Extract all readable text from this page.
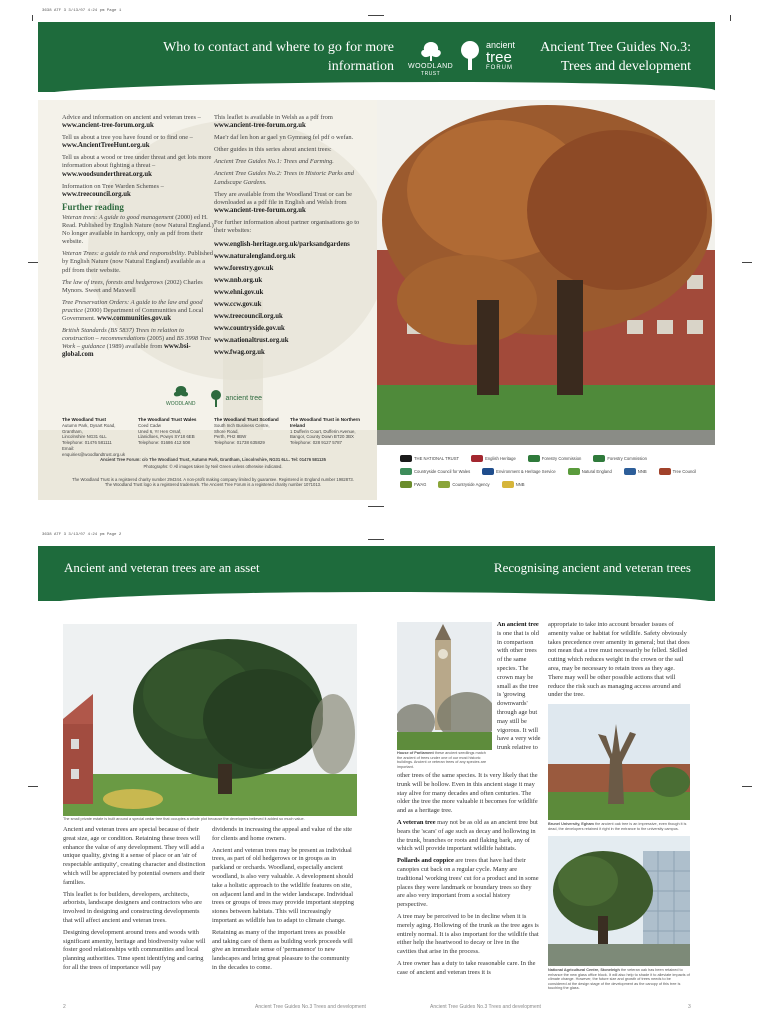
3638 ATF 3 3/13/07 4:24 pm Page 1
3638 ATF 3 3/13/07 4:24 pm Page 2
Who to contact and where to go for more information WOODLAND
TRUST
ancient
tree
FORUM
Ancient Tree Guides No.3:
Trees and development

Advice and information on ancient and veteran trees –
www.ancient-tree-forum.org.uk

Tell us about a tree you have found or to find one –
www.AncientTreeHunt.org.uk

Tell us about a wood or tree under threat and get lots more information about fighting a threat –
www.woodsunderthreat.org.uk

Information on Tree Warden Schemes –
www.treecouncil.org.uk

Further reading

Veteran trees: A guide to good management (2000) ed H. Read. Published by English Nature (now Natural England.) No longer available in hardcopy, only as pdf from their website.

Veteran Trees: a guide to risk and responsibility. Published by English Nature (now Natural England) available as a pdf from their website.

The law of trees, forests and hedgerows (2002) Charles Mynors. Sweet and Maxwell

Tree Preservation Orders: A guide to the law and good practice (2000) Department of Communities and Local Government. www.communities.gov.uk

British Standards (BS 5837) Trees in relation to construction – recommendations (2005) and BS 3998 Tree Work – guidance (1989) available from www.bsi-global.com

This leaflet is available in Welsh as a pdf from
www.ancient-tree-forum.org.uk

Mae'r daf len hon ar gael yn Gymraeg fel pdf o wefan.

Other guides in this series about ancient trees:

Ancient Tree Guides No.1: Trees and Farming.

Ancient Tree Guides No.2: Trees in Historic Parks and Landscape Gardens.

They are available from the Woodland Trust or can be downloaded as a pdf file in English and Welsh from www.ancient-tree-forum.org.uk

For further information about partner organisations go to their websites:

www.english-heritage.org.uk/parksandgardens
www.naturalengland.org.uk
www.forestry.gov.uk
www.nnb.org.uk
www.ehni.gov.uk
www.ccw.gov.uk
www.treecouncil.org.uk
www.countryside.gov.uk
www.nationaltrust.org.uk
www.fwag.org.uk
WOODLAND
ancient tree
The Woodland Trust
Autumn Park, Dysart Road,
Grantham,
Lincolnshire NG31 6LL
Telephone: 01476 581111
Email: enquiries@woodlandtrust.org.uk
The Woodland Trust Wales
Coed Cadw
Uned 6, Yr Hen Orsaf,
Llanidloes, Powys SY18 6EB
Telephone: 01686 412 508
The Woodland Trust Scotland
South Inch Business Centre,
Shore Road,
Perth, PH2 8BW
Telephone: 01738 635829
The Woodland Trust in Northern Ireland
1 Dufferin Court, Dufferin Avenue,
Bangor, County Down BT20 3BX
Telephone: 028 9127 5787
Ancient Tree Forum: c/o The Woodland Trust, Autumn Park, Grantham, Lincolnshire, NG31 6LL. Tel: 01476 581135
Photographs: © All images taken by Neil Green unless otherwise indicated.
The Woodland Trust is a registered charity number 294344. A non-profit making company limited by guarantee. Registered in England number 1982873. The Woodland Trust logo is a registered trademark. The Ancient Tree Forum is a registered charity number 1071013.
THE NATIONAL TRUST	English Heritage	Forestry Commission	Forestry Commission
Countryside Council for Wales	Environment & Heritage Service	Natural England	NNB	Tree Council
FWAG	Countryside Agency	NNB
Ancient and veteran trees are an asset	Recognising ancient and veteran trees
The small private estate is built around a special cedar tree that occupies a whole plot because the developers believed it added so much value.

Ancient and veteran trees are special because of their great size, age or condition. Retaining these trees will enhance the value of any development. They will add a unique quality, giving it a sense of place or an 'air of respectable antiquity', creating character and distinction which will be appreciated by potential owners and their families.

This leaflet is for builders, developers, architects, arborists, landscape designers and contractors who are involved in designing and constructing developments that will affect ancient and veteran trees.

Designing development around trees and woods with significant amenity, heritage and biodiversity value will foster good relationships with communities and local planning authorities. Time spent identifying and caring for all the trees of importance will pay

dividends in increasing the appeal and value of the site for clients and home owners.

Ancient and veteran trees may be present as individual trees, as part of old hedgerows or in groups as in parkland or orchards. Woodland, especially ancient woodland, is also very valuable. A development should take a holistic approach to the wildlife features on site, on adjacent land and in the wider landscape. Individual trees or groups of trees may provide important stepping stones between habitats. This will increasingly important as wildlife has to adapt to climate change.

Retaining as many of the important trees as possible and taking care of them as building work proceeds will give an immediate sense of 'permanence' to new landscapes and bring great pleasure to the community in the decades to come.

House of Parliament these ancient seedlings match the ancient of trees under one of our most historic buildings. Ancient or veteran trees of any species are important.

An ancient tree is one that is old in comparison with other trees of the same species. The crown may be small as the tree is 'growing downwards' through age but may still be vigorous. It will have a very wide trunk relative to

other trees of the same species. It is very likely that the trunk will be hollow. Even in this ancient stage it may stay alive for many decades and often centuries. The older the tree the more valuable it becomes for wildlife and as a heritage tree.

A veteran tree may not be as old as an ancient tree but bears the 'scars' of age such as decay and hollowing in the trunk, branches or roots and flaking bark, any of which will provide important wildlife habitats.

Pollards and coppice are trees that have had their canopies cut back on a regular cycle. Many are traditional 'working trees' cut for a product and in some places they were landmark or boundary trees so they are also very important from a social history perspective.

A tree may be perceived to be in decline when it is merely aging. Hollowing of the trunk as the tree ages is entirely normal. It is also important for the wildlife that either help the heartwood to decay or live in the cavities that arise in the process.

A tree owner has a duty to take reasonable care. In the case of ancient and veteran trees it is

appropriate to take into account broader issues of amenity value or habitat for wildlife. Safety obviously takes precedence over amenity in general; but that does not mean that a tree must necessarily be felled. Skilled cutting which reduces weight in the crown or the sail area, may be necessary to retain trees as they age. There may well be other possible actions that will reduce the risk such as managing access around and under the tree.

Brunel University, Egham the ancient oak tree is an impressive, even though it is dead, the developers retained it right in the entrance to the university campus.
National Agricultural Centre, Stoneleigh the veteran oak has been retained to enhance the new glass office block. It will also help to shade it to alleviate impacts of climate change. However, the future size and growth of trees needs to be considered at the design stage of the development as the canopy of this tree is touching the glass.
2	Ancient Tree Guides No.3 Trees and development	Ancient Tree Guides No.3 Trees and development	3
